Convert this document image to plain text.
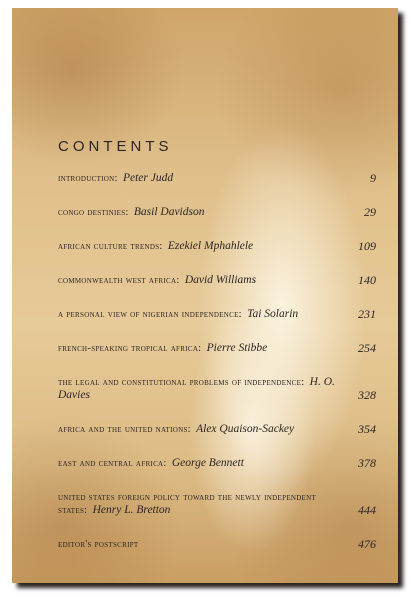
CONTENTS
introduction:  Peter Judd	9
congo destinies:  Basil Davidson	29
african culture trends:  Ezekiel Mphahlele	109
commonwealth west africa:  David Williams	140
a personal view of nigerian independence:  Tai Solarin	231
french-speaking tropical africa:  Pierre Stibbe	254
the legal and constitutional problems of independence:  H. O. Davies	328
africa and the united nations:  Alex Quaison-Sackey	354
east and central africa:  George Bennett	378
united states foreign policy toward the newly independent states:  Henry L. Bretton	444
editor's postscript	476
